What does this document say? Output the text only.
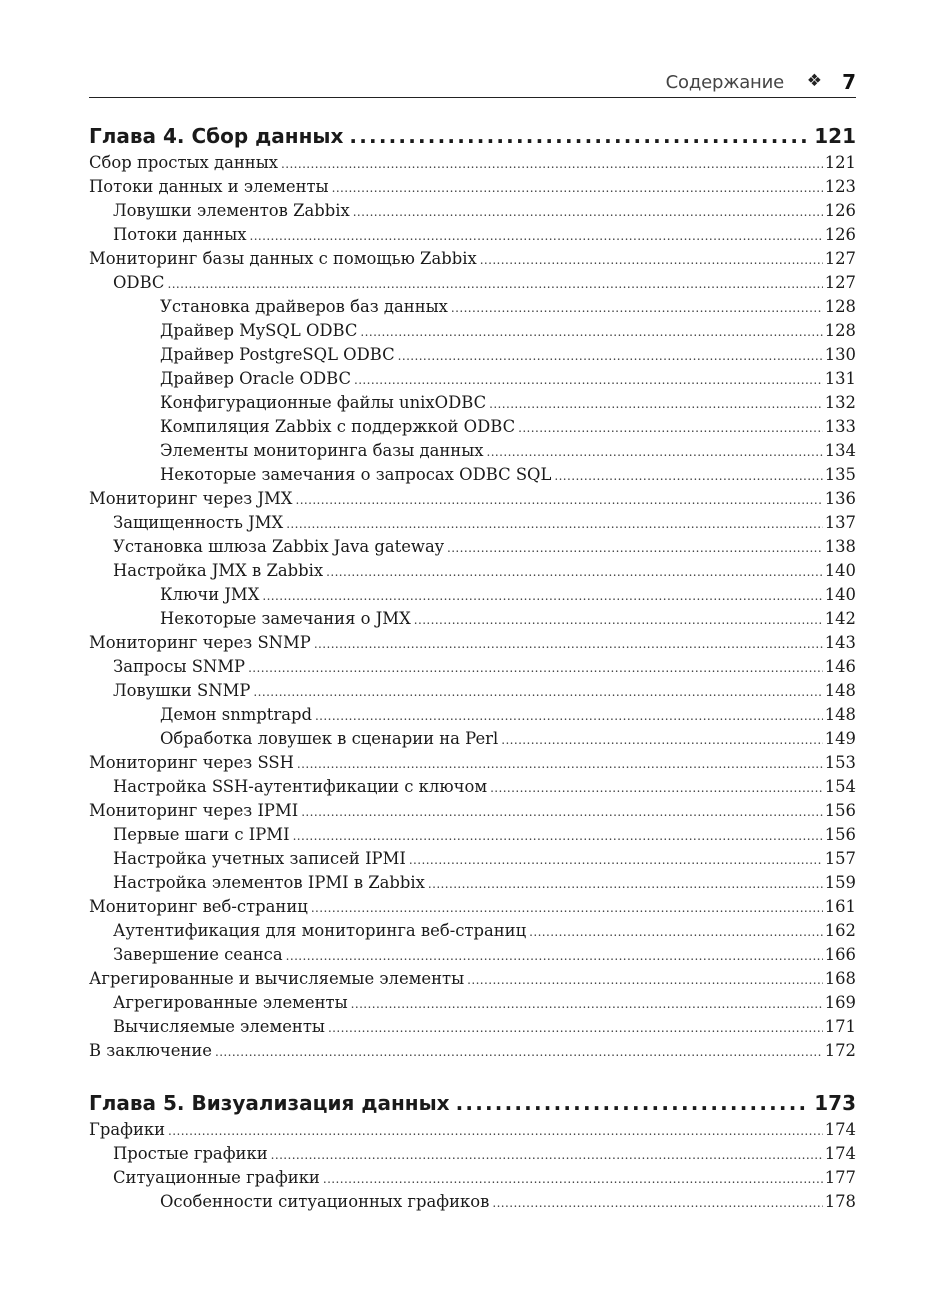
Содержание ❖ 7
Глава 4. Сбор данных .....	121
Сбор простых данных .....	121
Потоки данных и элементы .....	123
Ловушки элементов Zabbix .....	126
Потоки данных .....	126
Мониторинг базы данных с помощью Zabbix .....	127
ODBC .....	127
Установка драйверов баз данных .....	128
Драйвер MySQL ODBC .....	128
Драйвер PostgreSQL ODBC .....	130
Драйвер Oracle ODBC .....	131
Конфигурационные файлы unixODBC .....	132
Компиляция Zabbix с поддержкой ODBC .....	133
Элементы мониторинга базы данных .....	134
Некоторые замечания о запросах ODBC SQL .....	135
Мониторинг через JMX .....	136
Защищенность JMX .....	137
Установка шлюза Zabbix Java gateway .....	138
Настройка JMX в Zabbix .....	140
Ключи JMX .....	140
Некоторые замечания о JMX .....	142
Мониторинг через SNMP .....	143
Запросы SNMP .....	146
Ловушки SNMP .....	148
Демон snmptrapd .....	148
Обработка ловушек в сценарии на Perl .....	149
Мониторинг через SSH .....	153
Настройка SSH-аутентификации с ключом .....	154
Мониторинг через IPMI .....	156
Первые шаги с IPMI .....	156
Настройка учетных записей IPMI .....	157
Настройка элементов IPMI в Zabbix .....	159
Мониторинг веб-страниц .....	161
Аутентификация для мониторинга веб-страниц .....	162
Завершение сеанса .....	166
Агрегированные и вычисляемые элементы .....	168
Агрегированные элементы .....	169
Вычисляемые элементы .....	171
В заключение .....	172
Глава 5. Визуализация данных .....	173
Графики .....	174
Простые графики .....	174
Ситуационные графики .....	177
Особенности ситуационных графиков .....	178
